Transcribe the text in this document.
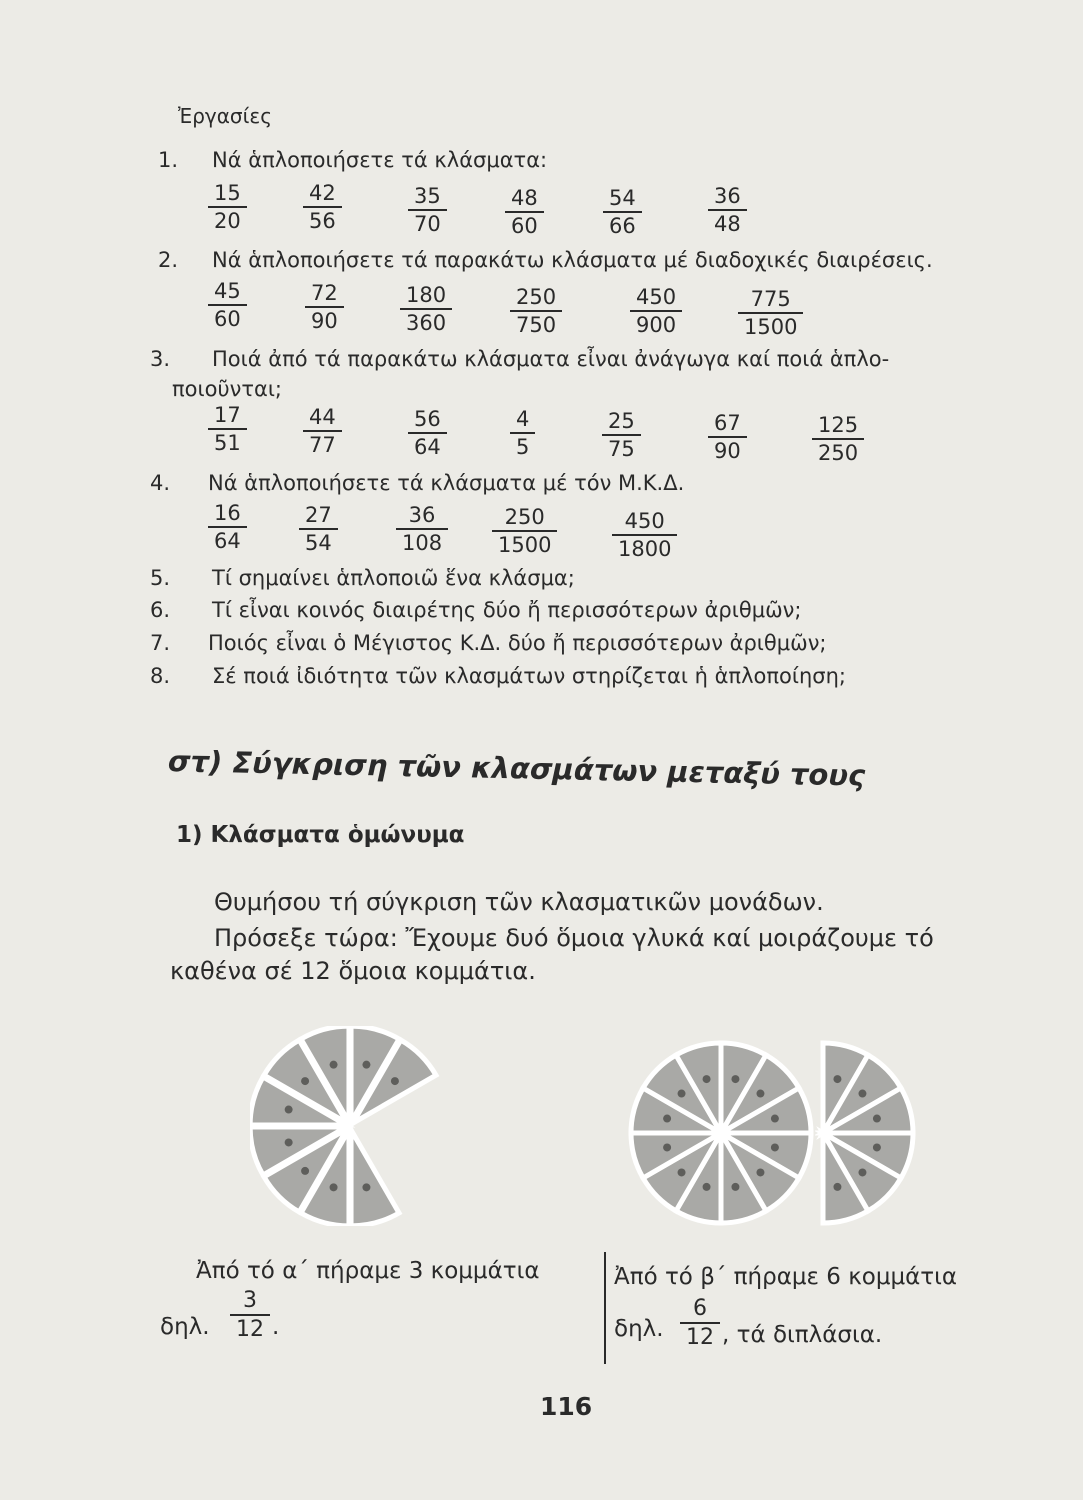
Ἐργασίες
1. Νά ἁπλοποιήσετε τά κλάσματα:
$\frac{15}{20}$	$\frac{42}{56}$	$\frac{35}{70}$	$\frac{48}{60}$	$\frac{54}{66}$	$\frac{36}{48}$
2. Νά ἁπλοποιήσετε τά παρακάτω κλάσματα μέ διαδοχικές διαιρέσεις.
$\frac{45}{60}$	$\frac{72}{90}$	$\frac{180}{360}$	$\frac{250}{750}$	$\frac{450}{900}$	$\frac{775}{1500}$
3. Ποιά ἀπό τά παρακάτω κλάσματα εἶναι ἀνάγωγα καί ποιά ἁπλο-
ποιοῦνται;
$\frac{17}{51}$	$\frac{44}{77}$	$\frac{56}{64}$	$\frac{4}{5}$	$\frac{25}{75}$	$\frac{67}{90}$	$\frac{125}{250}$
4. Νά ἁπλοποιήσετε τά κλάσματα μέ τόν Μ.Κ.Δ.
$\frac{16}{64} \frac{27}{54}$	$\frac{36}{108} \frac{250}{1500}$	$\frac{450}{1800}$
5. Τί σημαίνει ἁπλοποιῶ ἕνα κλάσμα;
6. Τί εἶναι κοινός διαιρέτης δύο ἤ περισσότερων ἀριθμῶν;
7. Ποιός εἶναι ὁ Μέγιστος Κ.Δ. δύο ἤ περισσότερων ἀριθμῶν;
8. Σέ ποιά ἰδιότητα τῶν κλασμάτων στηρίζεται ἡ ἁπλοποίηση;
στ) Σύγκριση τῶν κλασμάτων μεταξύ τους
1) Κλάσματα ὁμώνυμα
Θυμήσου τή σύγκριση τῶν κλασματικῶν μονάδων.
Πρόσεξε τώρα: Ἔχουμε δυό ὅμοια γλυκά καί μοιράζουμε τό
καθένα σέ 12 ὅμοια κομμάτια.
Ἀπό τό α΄ πήραμε 3 κομμάτια
δηλ. $\frac{3}{12}$ .
Ἀπό τό β΄ πήραμε 6 κομμάτια
δηλ. $\frac{6}{12}$ , τά διπλάσια.
116
